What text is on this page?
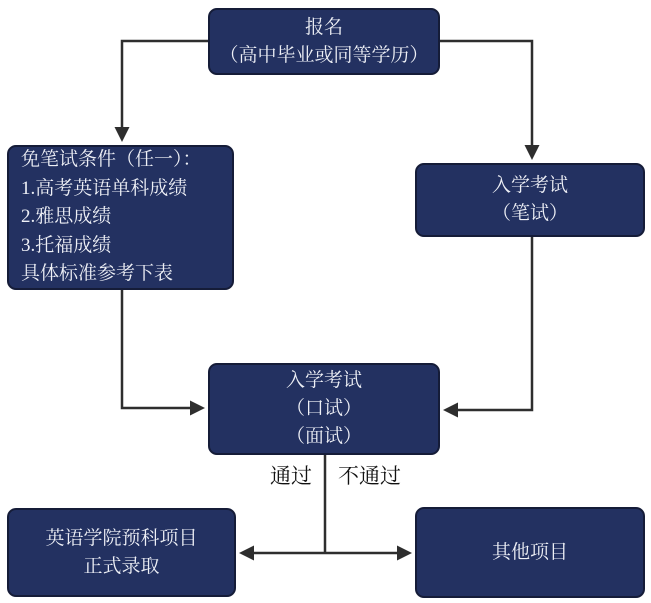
报名
（高中毕业或同等学历）
免笔试条件（任一）：
1.高考英语单科成绩
2.雅思成绩
3.托福成绩
具体标准参考下表
入学考试
（笔试）
入学考试
（口试）
（面试）
英语学院预科项目
正式录取
其他项目
通过 不通过
